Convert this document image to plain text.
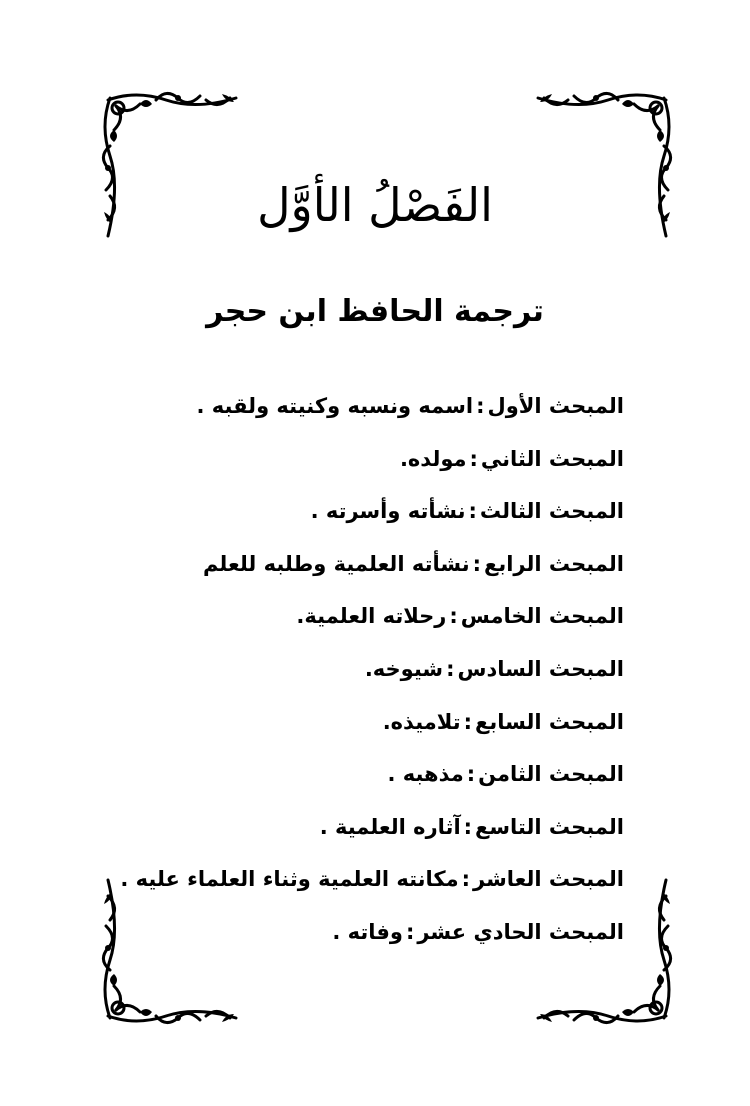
الفَصْلُ الأوَّل
ترجمة الحافظ ابن حجر
المبحث الأول:اسمه ونسبه وكنيته ولقبه .
المبحث الثاني:مولده.
المبحث الثالث:نشأته وأسرته .
المبحث الرابع:نشأته العلمية وطلبه للعلم
المبحث الخامس:رحلاته العلمية.
المبحث السادس:شيوخه.
المبحث السابع:تلاميذه.
المبحث الثامن:مذهبه .
المبحث التاسع:آثاره العلمية .
المبحث العاشر:مكانته العلمية وثناء العلماء عليه .
المبحث الحادي عشر:وفاته .
